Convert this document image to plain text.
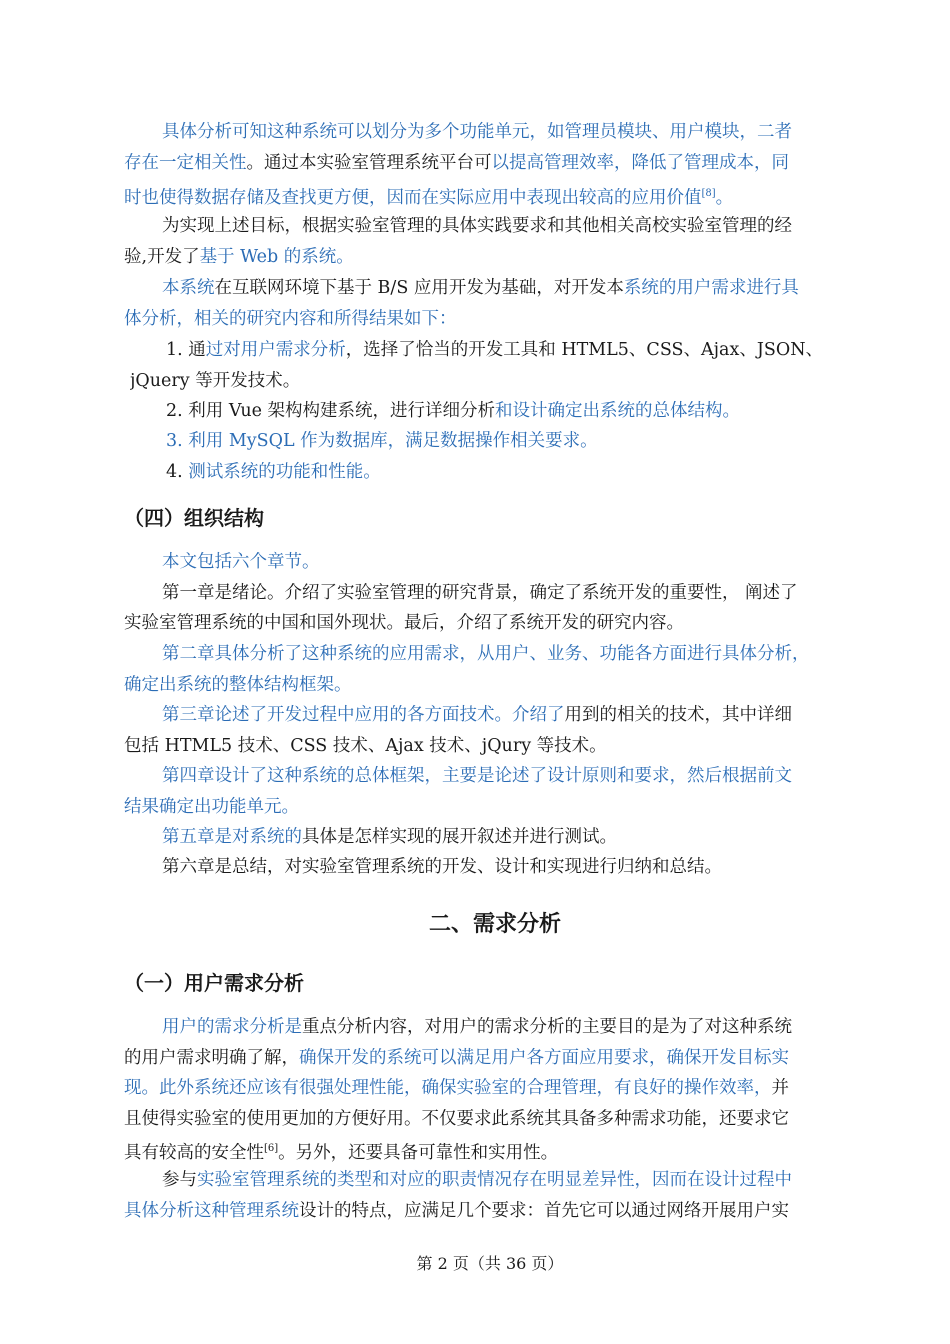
具体分析可知这种系统可以划分为多个功能单元，如管理员模块、用户模块，二者
存在一定相关性。通过本实验室管理系统平台可以提高管理效率，降低了管理成本，同
时也使得数据存储及查找更方便，因而在实际应用中表现出较高的应用价值[8]。
为实现上述目标，根据实验室管理的具体实践要求和其他相关高校实验室管理的经
验,开发了基于 Web 的系统。
本系统在互联网环境下基于 B/S 应用开发为基础，对开发本系统的用户需求进行具
体分析，相关的研究内容和所得结果如下：
1. 通过对用户需求分析，选择了恰当的开发工具和 HTML5、CSS、Ajax、JSON、
jQuery 等开发技术。
2. 利用 Vue 架构构建系统，进行详细分析和设计确定出系统的总体结构。
3. 利用 MySQL 作为数据库，满足数据操作相关要求。
4. 测试系统的功能和性能。
（四）组织结构
本文包括六个章节。
第一章是绪论。介绍了实验室管理的研究背景，确定了系统开发的重要性， 阐述了
实验室管理系统的中国和国外现状。最后，介绍了系统开发的研究内容。
第二章具体分析了这种系统的应用需求，从用户、业务、功能各方面进行具体分析，
确定出系统的整体结构框架。
第三章论述了开发过程中应用的各方面技术。介绍了用到的相关的技术，其中详细
包括 HTML5 技术、CSS 技术、Ajax 技术、jQury 等技术。
第四章设计了这种系统的总体框架，主要是论述了设计原则和要求，然后根据前文
结果确定出功能单元。
第五章是对系统的具体是怎样实现的展开叙述并进行测试。
第六章是总结，对实验室管理系统的开发、设计和实现进行归纳和总结。
二、需求分析
（一）用户需求分析
用户的需求分析是重点分析内容，对用户的需求分析的主要目的是为了对这种系统
的用户需求明确了解，确保开发的系统可以满足用户各方面应用要求，确保开发目标实
现。此外系统还应该有很强处理性能，确保实验室的合理管理，有良好的操作效率，并
且使得实验室的使用更加的方便好用。不仅要求此系统其具备多种需求功能，还要求它
具有较高的安全性[6]。另外，还要具备可靠性和实用性。
参与实验室管理系统的类型和对应的职责情况存在明显差异性，因而在设计过程中
具体分析这种管理系统设计的特点，应满足几个要求：首先它可以通过网络开展用户实
第 2 页（共 36 页）
